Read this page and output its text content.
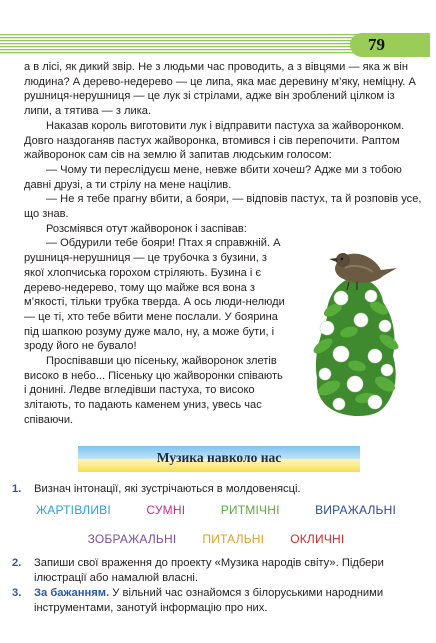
79

а в лісі, як дикий звір. Не з людьми час проводить, а з вівцями — яка ж він людина? А дерево-недерево — це липа, яка має деревину м’яку, неміцну. А рушниця-нерушниця — це лук зі стрілами, адже він зроблений цілком із липи, а тятива — з лика.

Наказав король виготовити лук і відправити пастуха за жайворонком. Довго наздоганяв пастух жайворонка, втомився і сів перепочити. Раптом жайворонок сам сів на землю й запитав людським голосом:

— Чому ти переслідуєш мене, невже вбити хочеш? Адже ми з тобою давні друзі, а ти стрілу на мене націлив.

— Не я тебе прагну вбити, а бояри, — відповів пастух, та й розповів усе, що знав.

Розсміявся отут жайворонок і заспівав:

— Обдурили тебе бояри! Птах я справжній. А рушниця-нерушниця — це трубочка з бузини, з якої хлопчиська горохом стріляють. Бузина і є дерево-недерево, тому що майже вся вона з м’якості, тільки трубка тверда. А ось люди-нелюди — це ті, хто тебе вбити мене послали. У боярина під шапкою розуму дуже мало, ну, а може бути, і зроду його не бувало!

Проспівавши цю пісеньку, жайворонок злетів високо в небо... Пісеньку цю жайворонки співають і донині. Ледве вгледівши пастуха, то високо злітають, то падають каменем униз, увесь час співаючи.

Музика навколо нас

1. Визнач інтонації, які зустрічаються в молдовенясці.

ЖАРТІВЛИВІ	СУМНІ	РИТМІЧНІ	ВИРАЖАЛЬНІ
ЗОБРАЖАЛЬНІ ПИТАЛЬНІ ОКЛИЧНІ

2. Запиши свої враження до проекту «Музика народів світу». Підбери ілюстрації або намалюй власні.

3. За бажанням. У вільний час ознайомся з білоруськими народними інструментами, занотуй інформацію про них.
